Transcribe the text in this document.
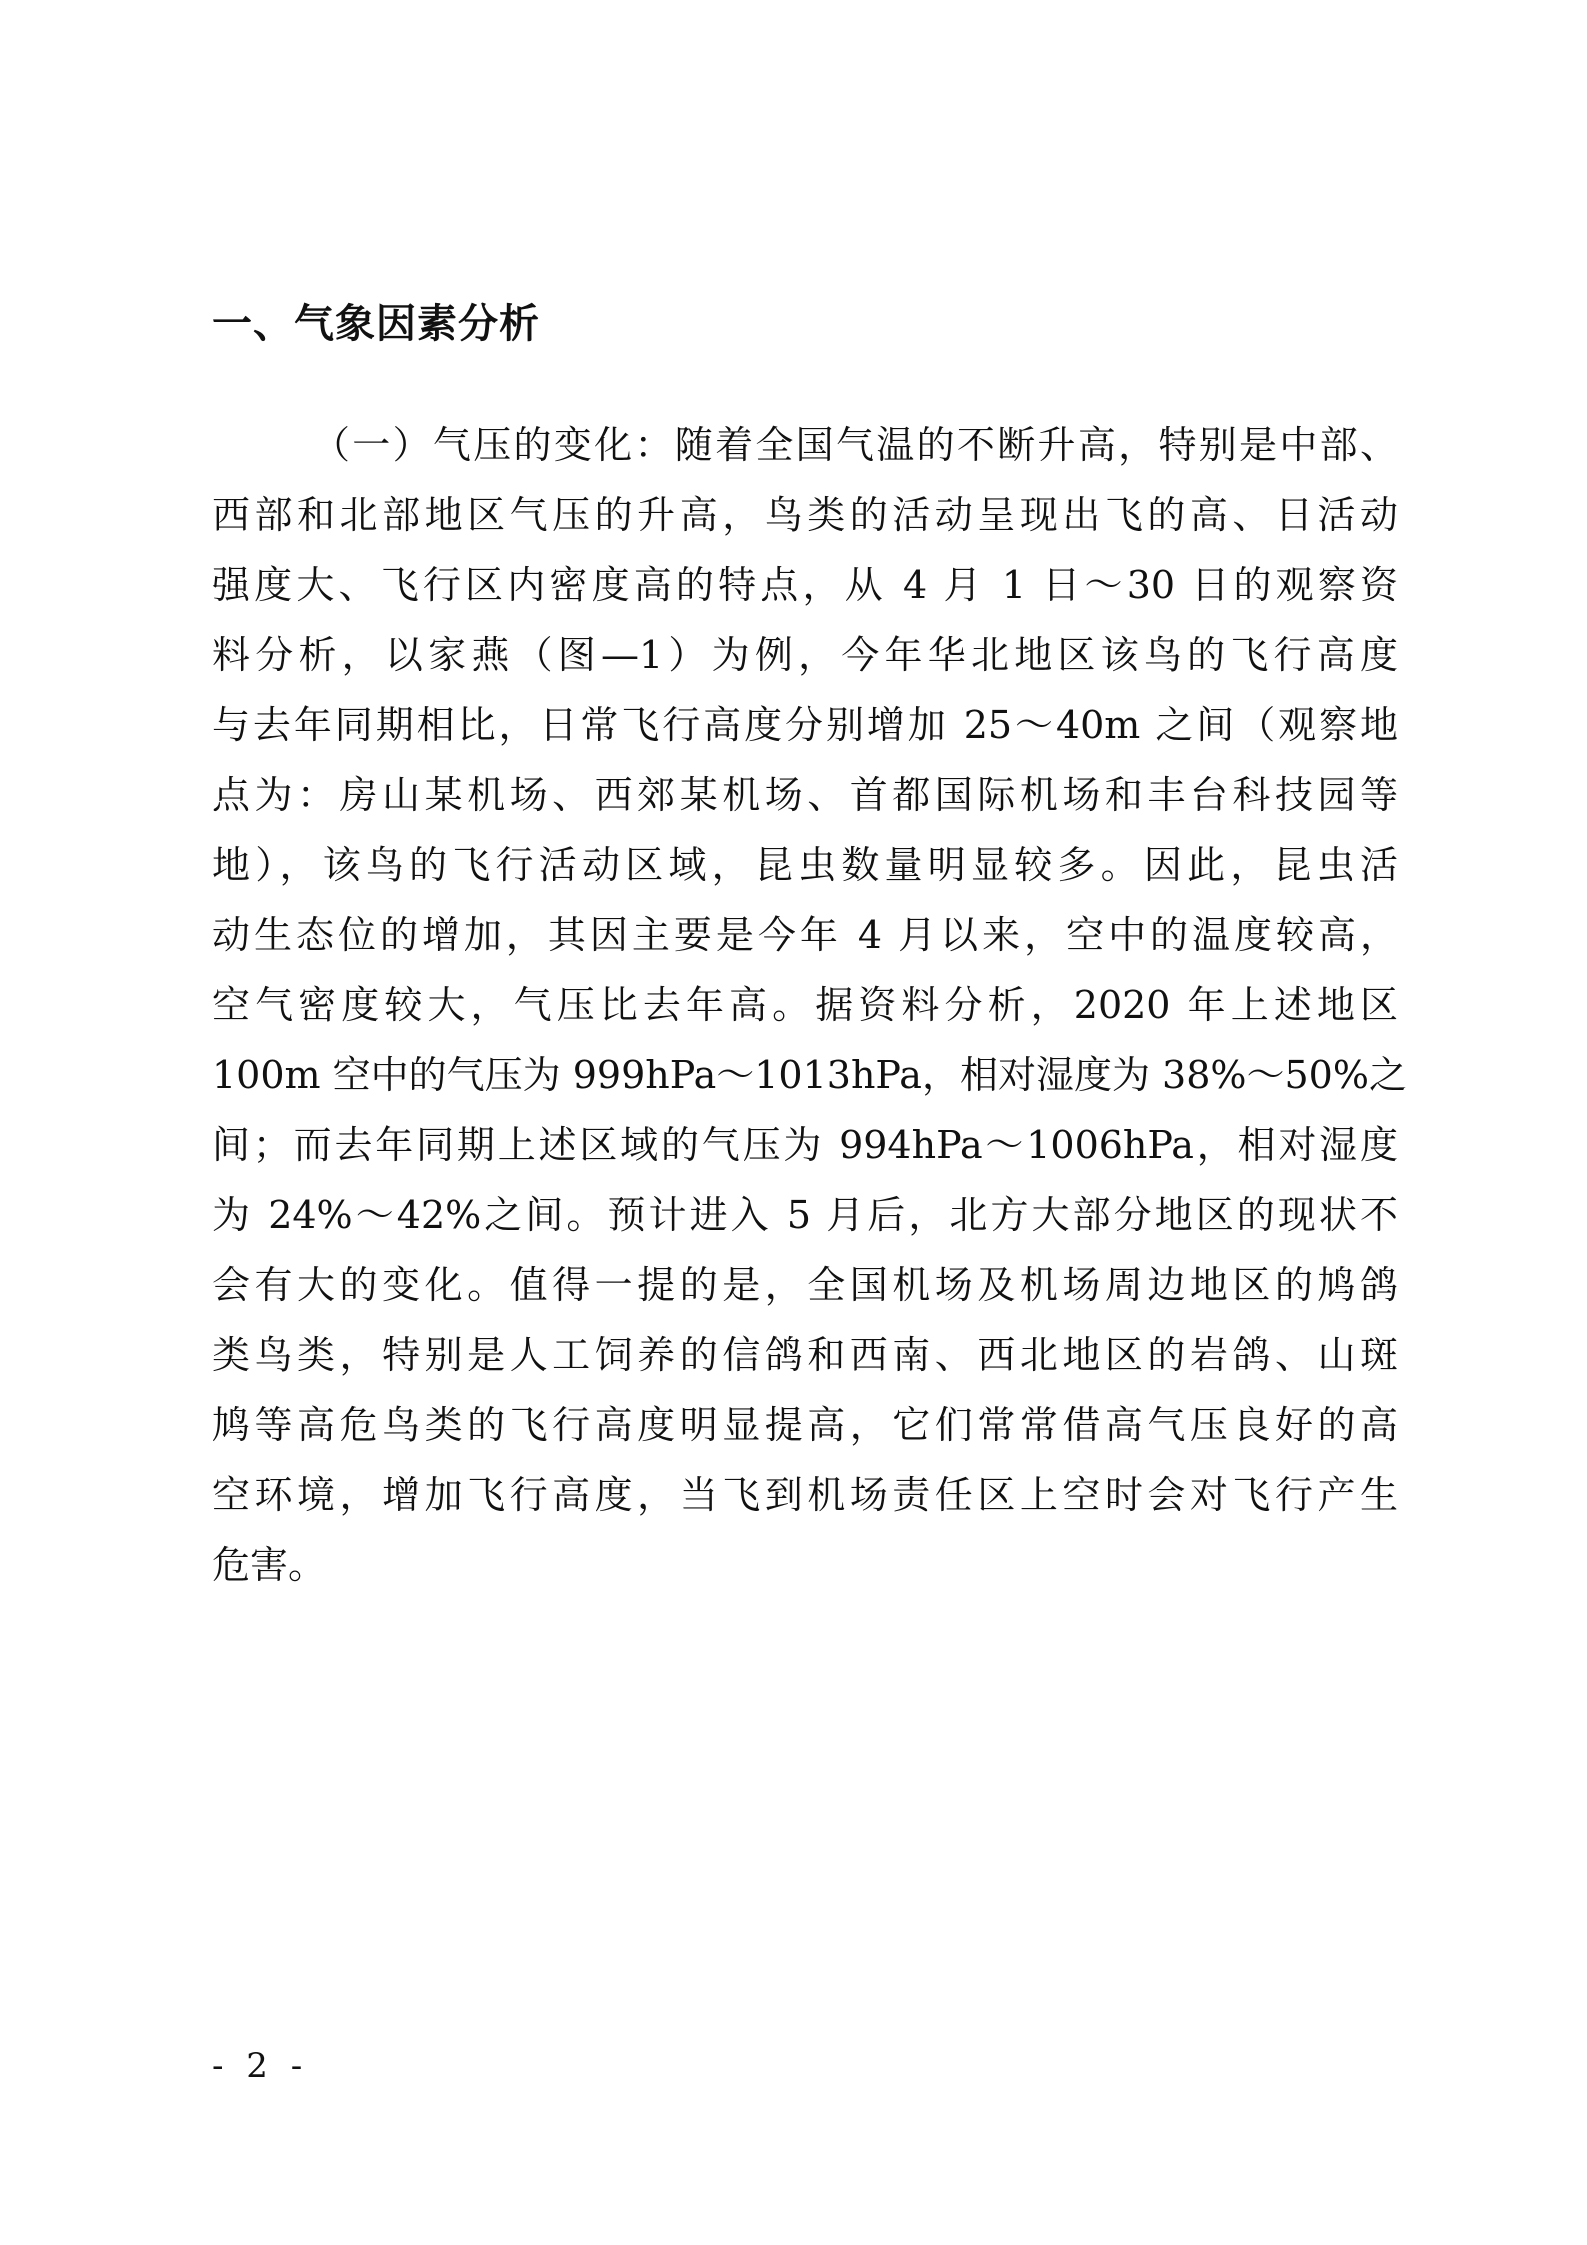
一、气象因素分析
（一）气压的变化：随着全国气温的不断升高，特别是中部、
西部和北部地区气压的升高，鸟类的活动呈现出飞的高、日活动
强度大、飞行区内密度高的特点，从 4 月 1 日～30 日的观察资
料分析，以家燕（图—1）为例，今年华北地区该鸟的飞行高度
与去年同期相比，日常飞行高度分别增加 25～40m 之间（观察地
点为：房山某机场、西郊某机场、首都国际机场和丰台科技园等
地），该鸟的飞行活动区域，昆虫数量明显较多。因此，昆虫活
动生态位的增加，其因主要是今年 4 月以来，空中的温度较高，
空气密度较大，气压比去年高。据资料分析，2020 年上述地区
100m 空中的气压为 999hPa～1013hPa，相对湿度为 38%～50%之
间；而去年同期上述区域的气压为 994hPa～1006hPa，相对湿度
为 24%～42%之间。预计进入 5 月后，北方大部分地区的现状不
会有大的变化。值得一提的是，全国机场及机场周边地区的鸠鸽
类鸟类，特别是人工饲养的信鸽和西南、西北地区的岩鸽、山斑
鸠等高危鸟类的飞行高度明显提高，它们常常借高气压良好的高
空环境，增加飞行高度，当飞到机场责任区上空时会对飞行产生
危害。

- 2 -
